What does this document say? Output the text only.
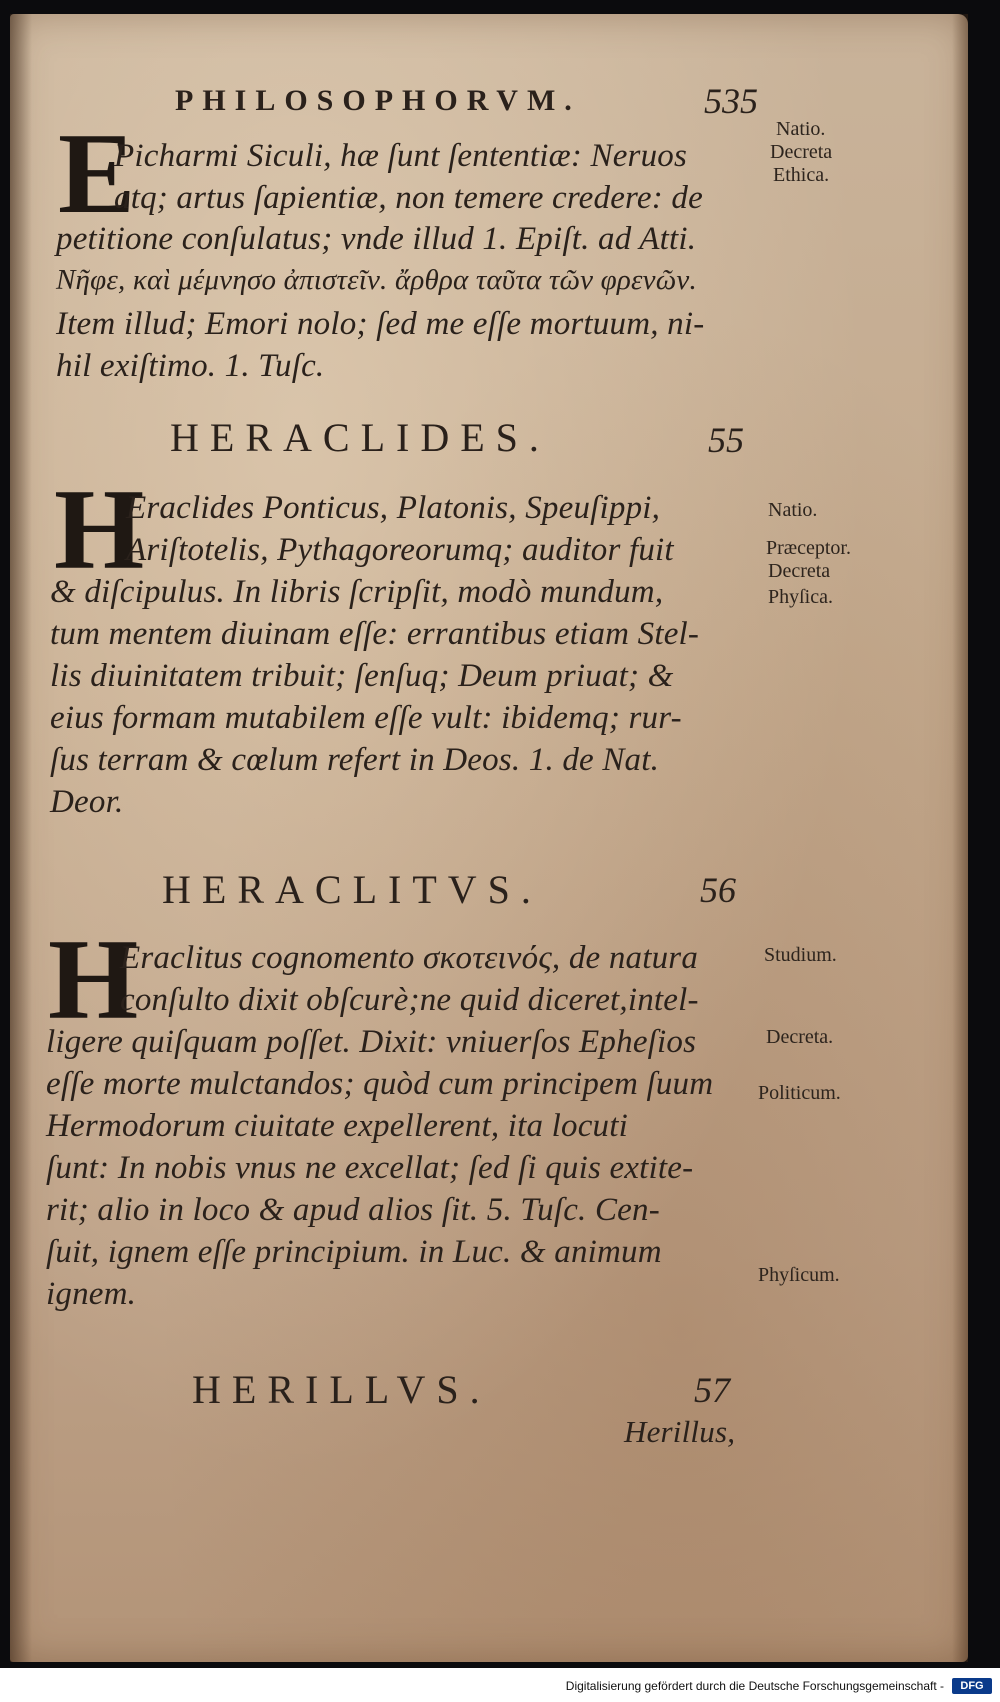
PHILOSOPHORVM.	535
E
Picharmi Siculi, hæ ſunt ſententiæ: Neruos
atq; artus ſapientiæ, non temere credere: de
petitione conſulatus; vnde illud 1. Epiſt. ad Atti.
Νῆφε, καὶ μέμνησο ἀπιστεῖν. ἄρθρα ταῦτα τῶν φρενῶν.
Item illud; Emori nolo; ſed me eſſe mortuum, ni-
hil exiſtimo. 1. Tuſc.
Natio.
Decreta
Ethica.
HERACLIDES.	55
H
Eraclides Ponticus, Platonis, Speuſippi,
Ariſtotelis, Pythagoreorumq; auditor fuit
& diſcipulus. In libris ſcripſit, modò mundum,
tum mentem diuinam eſſe: errantibus etiam Stel-
lis diuinitatem tribuit; ſenſuq; Deum priuat; &
eius formam mutabilem eſſe vult: ibidemq; rur-
ſus terram & cœlum refert in Deos. 1. de Nat.
Deor.
Natio.
Præceptor.
Decreta
Phyſica.
HERACLITVS.	56
H
Eraclitus cognomento σκοτεινός, de natura
conſulto dixit obſcurè;ne quid diceret,intel-
ligere quiſquam poſſet. Dixit: vniuerſos Epheſios
eſſe morte mulctandos; quòd cum principem ſuum
Hermodorum ciuitate expellerent, ita locuti
ſunt: In nobis vnus ne excellat; ſed ſi quis extite-
rit; alio in loco & apud alios ſit. 5. Tuſc. Cen-
ſuit, ignem eſſe principium. in Luc. & animum
ignem.
Studium.
Decreta.
Politicum.
Phyſicum.
HERILLVS.	57
Herillus,
Digitalisierung gefördert durch die Deutsche Forschungsgemeinschaft -	DFG
